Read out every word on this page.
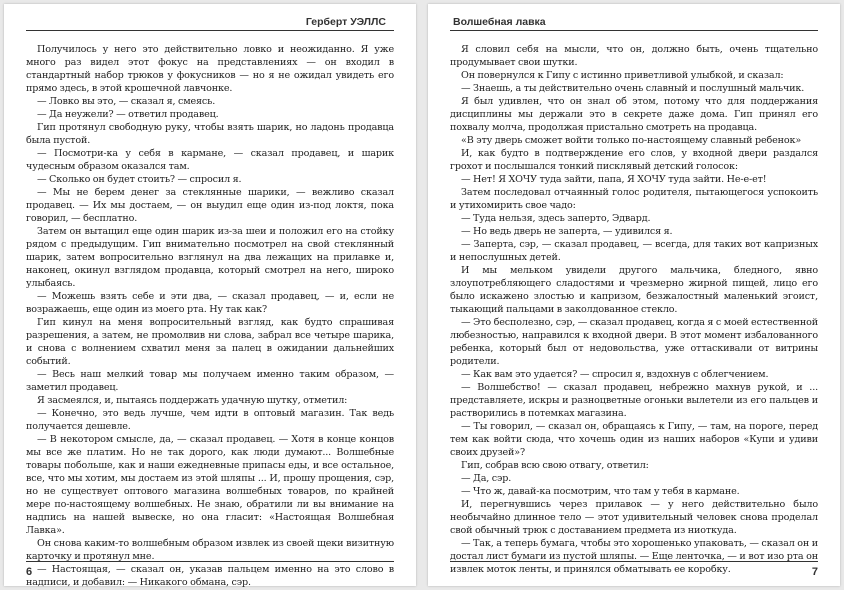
Герберт УЭЛЛС

Получилось у него это действительно ловко и неожиданно. Я уже много раз видел этот фокус на представлениях — он входил в стандартный набор трюков у фокусников — но я не ожидал увидеть его прямо здесь, в этой крошечной лавчонке.

— Ловко вы это, — сказал я, смеясь.

— Да неужели? — ответил продавец.

Гип протянул свободную руку, чтобы взять шарик, но ладонь продавца была пустой.

— Посмотри-ка у себя в кармане, — сказал продавец, и шарик чудесным образом оказался там.

— Сколько он будет стоить? — спросил я.

— Мы не берем денег за стеклянные шарики, — вежливо сказал продавец. — Их мы достаем, — он выудил еще один из-под локтя, пока говорил, — бесплатно.

Затем он вытащил еще один шарик из-за шеи и положил его на стойку рядом с предыдущим. Гип внимательно посмотрел на свой стеклянный шарик, затем вопросительно взглянул на два лежащих на прилавке и, наконец, окинул взглядом продавца, который смотрел на него, широко улыбаясь.

— Можешь взять себе и эти два, — сказал продавец, — и, если не возражаешь, еще один из моего рта. Ну так как?

Гип кинул на меня вопросительный взгляд, как будто спрашивая разрешения, а затем, не промолвив ни слова, забрал все четыре шарика, и снова с волнением схватил меня за палец в ожидании дальнейших событий.

— Весь наш мелкий товар мы получаем именно таким образом, — заметил продавец.

Я засмеялся, и, пытаясь поддержать удачную шутку, отметил:

— Конечно, это ведь лучше, чем идти в оптовый магазин. Так ведь получается дешевле.

— В некотором смысле, да, — сказал продавец. — Хотя в конце концов мы все же платим. Но не так дорого, как люди думают... Волшебные товары побольше, как и наши ежедневные припасы еды, и все остальное, все, что мы хотим, мы достаем из этой шляпы ... И, прошу прощения, сэр, но не существует оптового магазина волшебных товаров, по крайней мере по-настоящему волшебных. Не знаю, обратили ли вы внимание на надпись на нашей вывеске, но она гласит: «Настоящая Волшебная Лавка».

Он снова каким-то волшебным образом извлек из своей щеки визитную карточку и протянул мне.

— Настоящая, — сказал он, указав пальцем именно на это слово в надписи, и добавил: — Никакого обмана, сэр.

6
Волшебная лавка

Я словил себя на мысли, что он, должно быть, очень тщательно продумывает свои шутки.

Он повернулся к Гипу с истинно приветливой улыбкой, и сказал:

— Знаешь, а ты действительно очень славный и послушный мальчик.

Я был удивлен, что он знал об этом, потому что для поддержания дисциплины мы держали это в секрете даже дома. Гип принял его похвалу молча, продолжая пристально смотреть на продавца.

«В эту дверь сможет войти только по-настоящему славный ребенок»

И, как будто в подтверждение его слов, у входной двери раздался грохот и послышался тонкий писклявый детский голосок:

— Нет! Я ХОЧУ туда зайти, папа, Я ХОЧУ туда зайти. Не-е-ет!

Затем последовал отчаянный голос родителя, пытающегося успокоить и утихомирить свое чадо:

— Туда нельзя, здесь заперто, Эдвард.

— Но ведь дверь не заперта, — удивился я.

— Заперта, сэр, — сказал продавец, — всегда, для таких вот капризных и непослушных детей.

И мы мельком увидели другого мальчика, бледного, явно злоупотребляющего сладостями и чрезмерно жирной пищей, лицо его было искажено злостью и капризом, безжалостный маленький эгоист, тыкающий пальцами в заколдованное стекло.

— Это бесполезно, сэр, — сказал продавец, когда я с моей естественной любезностью, направился к входной двери. В этот момент избалованного ребенка, который был от недовольства, уже оттаскивали от витрины родители.

— Как вам это удается? — спросил я, вздохнув с облегчением.

— Волшебство! — сказал продавец, небрежно махнув рукой, и ... представляете, искры и разноцветные огоньки вылетели из его пальцев и растворились в потемках магазина.

— Ты говорил, — сказал он, обращаясь к Гипу, — там, на пороге, перед тем как войти сюда, что хочешь один из наших наборов «Купи и удиви своих друзей»?

Гип, собрав всю свою отвагу, ответил:

— Да, сэр.

— Что ж, давай-ка посмотрим, что там у тебя в кармане.

И, перегнувшись через прилавок — у него действительно было необычайно длинное тело — этот удивительный человек снова проделал свой обычный трюк с доставанием предмета из ниоткуда.

— Так, а теперь бумага, чтобы это хорошенько упаковать, — сказал он и достал лист бумаги из пустой шляпы. — Еще ленточка, — и вот изо рта он извлек моток ленты, и принялся обматывать ее коробку.	7
